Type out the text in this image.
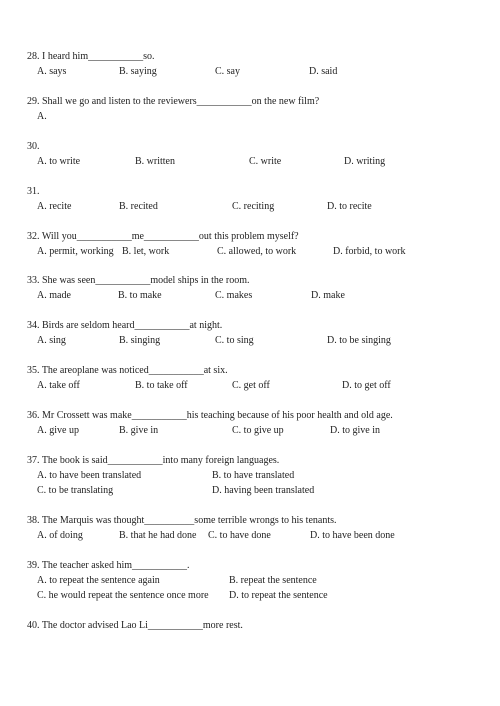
28. I heard him___________so.
A. says	B. saying	C. say	D. said
29. Shall we go and listen to the reviewers___________on the new film?
A.
30.
A. to write	B. written	C. write	D. writing
31.
A. recite	B. recited	C. reciting	D. to recite
32. Will you___________me___________out this problem myself?
A. permit, working B. let, work	C. allowed, to work	D. forbid, to work
33. She was seen___________model ships in the room.
A. made	B. to make	C. makes	D. make
34. Birds are seldom heard___________at night.
A. sing	B. singing	C. to sing	D. to be singing
35. The areoplane was noticed___________at six.
A. take off	B. to take off	C. get off	D. to get off
36. Mr Crossett was make___________his teaching because of his poor health and old age.
A. give up	B. give in	C. to give up	D. to give in
37. The book is said___________into many foreign languages.
A. to have been translated	B. to have translated
C. to be translating	D. having been translated
38. The Marquis was thought__________some terrible wrongs to his tenants.
A. of doing	B. that he had done C. to have done	D. to have been done
39. The teacher asked him___________.
A. to repeat the sentence again	B. repeat the sentence
C. he would repeat the sentence once more D. to repeat the sentence
40. The doctor advised Lao Li___________more rest.
